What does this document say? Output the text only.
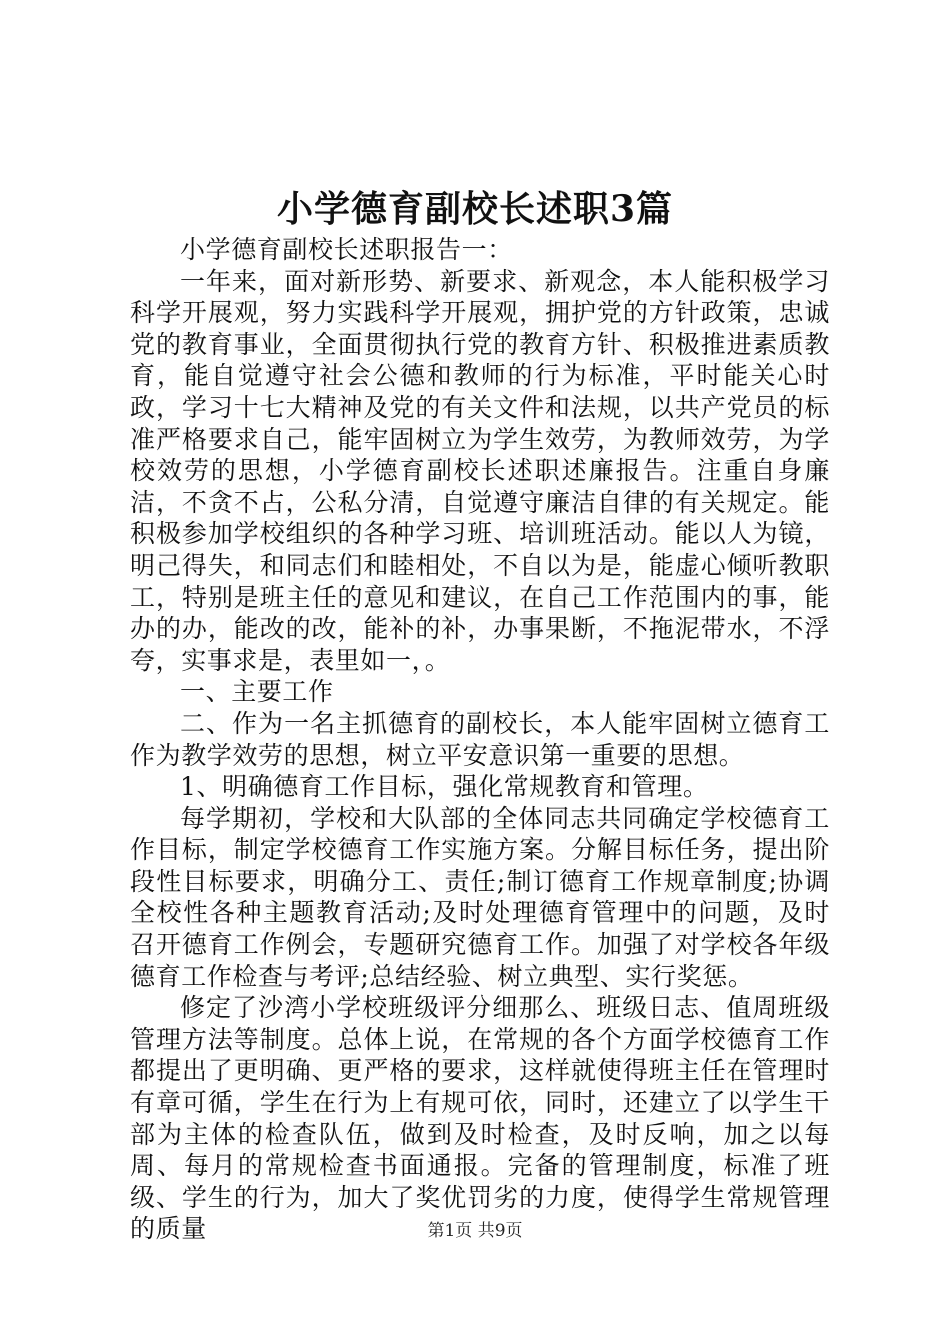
小学德育副校长述职3篇

小学德育副校长述职报告一：

一年来，面对新形势、新要求、新观念，本人能积极学习科学开展观，努力实践科学开展观，拥护党的方针政策，忠诚党的教育事业，全面贯彻执行党的教育方针、积极推进素质教育，能自觉遵守社会公德和教师的行为标准，平时能关心时政，学习十七大精神及党的有关文件和法规，以共产党员的标准严格要求自己，能牢固树立为学生效劳，为教师效劳，为学校效劳的思想，小学德育副校长述职述廉报告。注重自身廉洁，不贪不占，公私分清，自觉遵守廉洁自律的有关规定。能积极参加学校组织的各种学习班、培训班活动。能以人为镜，明己得失，和同志们和睦相处，不自以为是，能虚心倾听教职工，特别是班主任的意见和建议，在自己工作范围内的事，能办的办，能改的改，能补的补，办事果断，不拖泥带水，不浮夸，实事求是，表里如一，。

一、主要工作

二、作为一名主抓德育的副校长，本人能牢固树立德育工作为教学效劳的思想，树立平安意识第一重要的思想。

1、明确德育工作目标，强化常规教育和管理。

每学期初，学校和大队部的全体同志共同确定学校德育工作目标，制定学校德育工作实施方案。分解目标任务，提出阶段性目标要求，明确分工、责任;制订德育工作规章制度;协调全校性各种主题教育活动;及时处理德育管理中的问题，及时召开德育工作例会，专题研究德育工作。加强了对学校各年级德育工作检查与考评;总结经验、树立典型、实行奖惩。

修定了沙湾小学校班级评分细那么、班级日志、值周班级管理方法等制度。总体上说，在常规的各个方面学校德育工作都提出了更明确、更严格的要求，这样就使得班主任在管理时有章可循，学生在行为上有规可依，同时，还建立了以学生干部为主体的检查队伍，做到及时检查，及时反响，加之以每周、每月的常规检查书面通报。完备的管理制度，标准了班级、学生的行为，加大了奖优罚劣的力度，使得学生常规管理的质量	第1页 共9页
